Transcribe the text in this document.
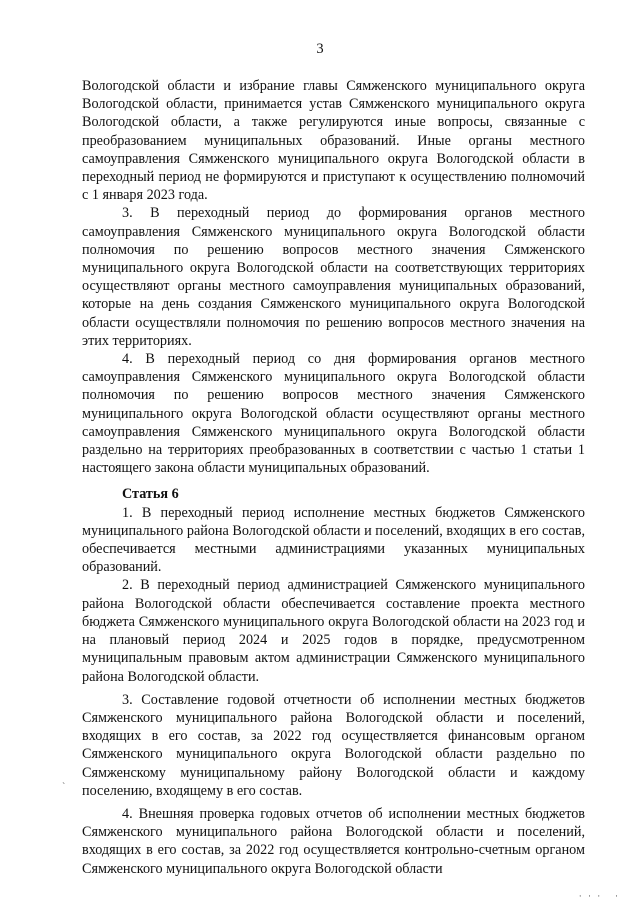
3

Вологодской области и избрание главы Сямженского муниципального округа Вологодской области, принимается устав Сямженского муниципального округа Вологодской области, а также регулируются иные вопросы, связанные с преобразованием муниципальных образований. Иные органы местного самоуправления Сямженского муниципального округа Вологодской области в переходный период не формируются и приступают к осуществлению полномочий с 1 января 2023 года.

3. В переходный период до формирования органов местного самоуправления Сямженского муниципального округа Вологодской области полномочия по решению вопросов местного значения Сямженского муниципального округа Вологодской области на соответствующих территориях осуществляют органы местного самоуправления муниципальных образований, которые на день создания Сямженского муниципального округа Вологодской области осуществляли полномочия по решению вопросов местного значения на этих территориях.

4. В переходный период со дня формирования органов местного самоуправления Сямженского муниципального округа Вологодской области полномочия по решению вопросов местного значения Сямженского муниципального округа Вологодской области осуществляют органы местного самоуправления Сямженского муниципального округа Вологодской области раздельно на территориях преобразованных в соответствии с частью 1 статьи 1 настоящего закона области муниципальных образований.

Статья 6

1. В переходный период исполнение местных бюджетов Сямженского муниципального района Вологодской области и поселений, входящих в его состав, обеспечивается местными администрациями указанных муниципальных образований.

2. В переходный период администрацией Сямженского муниципального района Вологодской области обеспечивается составление проекта местного бюджета Сямженского муниципального округа Вологодской области на 2023 год и на плановый период 2024 и 2025 годов в порядке, предусмотренном муниципальным правовым актом администрации Сямженского муниципального района Вологодской области.

3. Составление годовой отчетности об исполнении местных бюджетов Сямженского муниципального района Вологодской области и поселений, входящих в его состав, за 2022 год осуществляется финансовым органом Сямженского муниципального округа Вологодской области раздельно по Сямженскому муниципальному району Вологодской области и каждому поселению, входящему в его состав.

4. Внешняя проверка годовых отчетов об исполнении местных бюджетов Сямженского муниципального района Вологодской области и поселений, входящих в его состав, за 2022 год осуществляется контрольно-счетным органом Сямженского муниципального округа Вологодской области

`
· · ·   ·
